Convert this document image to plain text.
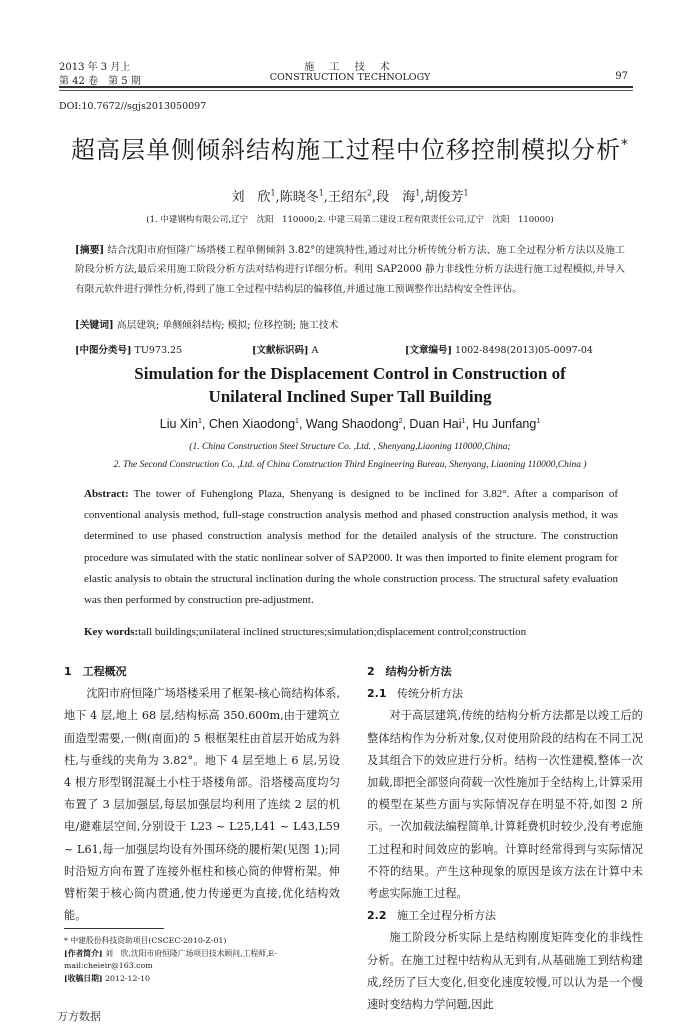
2013 年 3 月上
第 42 卷　第 5 期
施 工 技 术
CONSTRUCTION TECHNOLOGY	97
DOI:10.7672//sgjs2013050097
超高层单侧倾斜结构施工过程中位移控制模拟分析*
刘　欣$^1$,陈晓冬$^1$,王绍东$^2$,段　海$^1$,胡俊芳$^1$
(1. 中建钢构有限公司,辽宁　沈阳　110000;2. 中建三局第二建设工程有限责任公司,辽宁　沈阳　110000)
[摘要] 结合沈阳市府恒隆广场塔楼工程单侧倾斜 3.82°的建筑特性,通过对比分析传统分析方法、施工全过程分析方法以及施工阶段分析方法,最后采用施工阶段分析方法对结构进行详细分析。利用 SAP2000 静力非线性分析方法进行施工过程模拟,并导入有限元软件进行弹性分析,得到了施工全过程中结构层的偏移值,并通过施工预调整作出结构安全性评估。
[关键词] 高层建筑; 单侧倾斜结构; 模拟; 位移控制; 施工技术
[中图分类号] TU973.25	[文献标识码] A	[文章编号] 1002-8498(2013)05-0097-04
Simulation for the Displacement Control in Construction of
Unilateral Inclined Super Tall Building
Liu Xin$^1$, Chen Xiaodong$^1$, Wang Shaodong$^2$, Duan Hai$^1$, Hu Junfang$^1$
(1. China Construction Steel Structure Co. ,Ltd. , Shenyang,Liaoning 110000,China;
2. The Second Construction Co. ,Ltd. of China Construction Third Engineering Bureau, Shenyang, Liaoning 110000,China )
Abstract: The tower of Fuhenglong Plaza, Shenyang is designed to be inclined for 3.82°. After a comparison of conventional analysis method, full-stage construction analysis method and phased construction analysis method, it was determined to use phased construction analysis method for the detailed analysis of the structure. The construction procedure was simulated with the static nonlinear solver of SAP2000. It was then imported to finite element program for elastic analysis to obtain the structural inclination during the whole construction process. The structural safety evaluation was then performed by construction pre-adjustment.
Key words:tall buildings;unilateral inclined structures;simulation;displacement control;construction
1　工程概况
沈阳市府恒隆广场塔楼采用了框架-核心筒结构体系,地下 4 层,地上 68 层,结构标高 350.600m,由于建筑立面造型需要,一侧(南面)的 5 根框架柱由首层开始成为斜柱,与垂线的夹角为 3.82°。地下 4 层至地上 6 层,另设 4 根方形型钢混凝土小柱于塔楼角部。沿塔楼高度均匀布置了 3 层加强层,每层加强层均利用了连续 2 层的机电/避难层空间,分别设于 L23 ~ L25,L41 ~ L43,L59 ~ L61,每一加强层均设有外围环绕的腰桁架(见图 1);同时沿短方向布置了连接外框柱和核心筒的伸臂桁架。伸臂桁架于核心筒内贯通,使力传递更为直接,优化结构效能。
* 中建股份科技资助项目(CSCEC-2010-Z-01)
[作者简介] 刘　欣,沈阳市府恒隆广场项目技术顾问,工程师,E-mail:cheieir@163.com
[收稿日期] 2012-12-10
2　结构分析方法
2.1 传统分析方法
对于高层建筑,传统的结构分析方法都是以竣工后的整体结构作为分析对象,仅对使用阶段的结构在不同工况及其组合下的效应进行分析。结构一次性建模,整体一次加载,即把全部竖向荷载一次性施加于全结构上,计算采用的模型在某些方面与实际情况存在明显不符,如图 2 所示。一次加载法编程简单,计算耗费机时较少,没有考虑施工过程和时间效应的影响。计算时经常得到与实际情况不符的结果。产生这种现象的原因是该方法在计算中未考虑实际施工过程。
2.2 施工全过程分析方法
施工阶段分析实际上是结构刚度矩阵变化的非线性分析。在施工过程中结构从无到有,从基础施工到结构建成,经历了巨大变化,但变化速度较慢,可以认为是一个慢速时变结构力学问题,因此
万方数据
